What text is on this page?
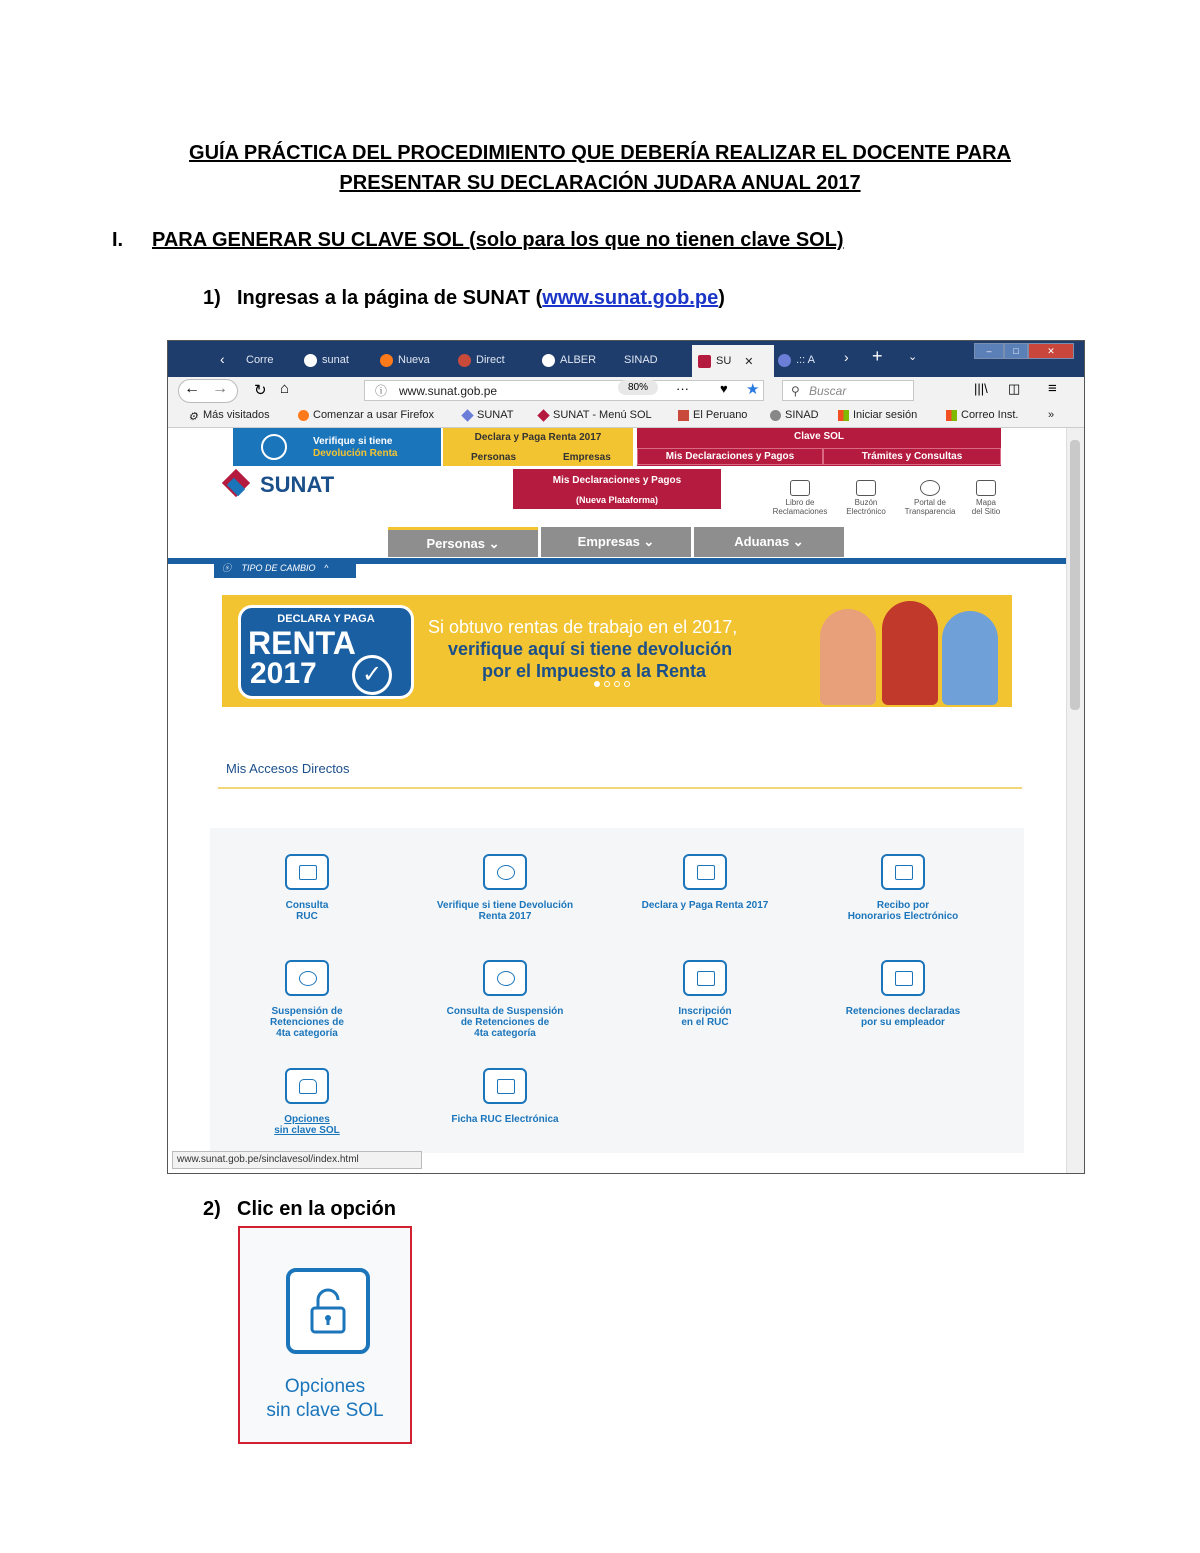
GUÍA PRÁCTICA DEL PROCEDIMIENTO QUE DEBERÍA REALIZAR EL DOCENTE PARA
PRESENTAR SU DECLARACIÓN JUDARA ANUAL 2017
I. PARA GENERAR SU CLAVE SOL (solo para los que no tienen clave SOL)
1) Ingresas a la página de SUNAT (www.sunat.gob.pe)
‹ Corre	sunat	Nueva	Direct	ALBER	SINAD	SU ✕	.:: A › + ⌄	–	□	✕
← → ↻ ⌂	ⓘ www.sunat.gob.pe	80%	··· ♥ ★	⚲ Buscar	|||\ ◫ ≡
⚙ Más visitados	Comenzar a usar Firefox	SUNAT	SUNAT - Menú SOL	El Peruano	SINAD	Iniciar sesión	Correo Inst.	»
Verifique si tiene
Devolución Renta
Declara y Paga Renta 2017
Personas	Empresas
Clave SOL
Mis Declaraciones y Pagos	Trámites y Consultas
SUNAT	Mis Declaraciones y Pagos
(Nueva Plataforma)	Libro de
Reclamaciones
Buzón
Electrónico
Portal de
Transparencia
Mapa
del Sitio
Personas ⌄	Empresas ⌄	Aduanas ⌄
ⓢ TIPO DE CAMBIO ^
DECLARA Y PAGA
RENTA
2017	✓
Si obtuvo rentas de trabajo en el 2017,
verifique aquí si tiene devolución
por el Impuesto a la Renta
Mis Accesos Directos
Consulta
RUC
Verifique si tiene Devolución
Renta 2017
Declara y Paga Renta 2017	Recibo por
Honorarios Electrónico
Suspensión de
Retenciones de
4ta categoría
Consulta de Suspensión
de Retenciones de
4ta categoría
Inscripción
en el RUC
Retenciones declaradas
por su empleador
Opciones
sin clave SOL
Ficha RUC Electrónica
www.sunat.gob.pe/sinclavesol/index.html
2) Clic en la opción
Opciones
sin clave SOL
